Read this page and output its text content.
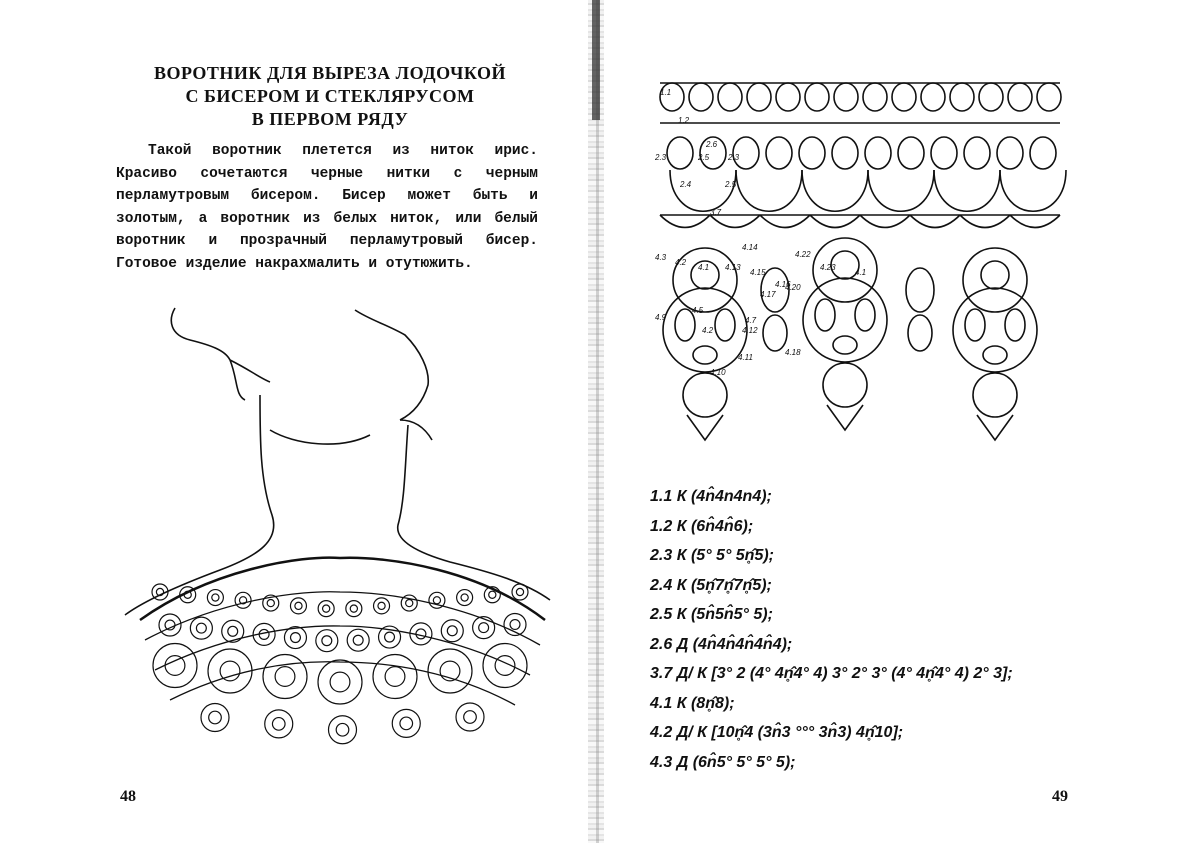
ВОРОТНИК ДЛЯ ВЫРЕЗА ЛОДОЧКОЙ
С БИСЕРОМ И СТЕКЛЯРУСОМ
В ПЕРВОМ РЯДУ

Такой воротник плетется из ниток ирис. Красиво сочетаются черные нитки с черным перламутровым бисером. Бисер может быть и золотым, а воротник из белых ниток, или белый воротник и прозрачный перламутровый бисер. Готовое изделие накрахмалить и отутюжить.

48
1.1
1.2
2.3	2.5 2.3
2.6
2.4	2.5
3.7
4.3
4.2
4.1 4.13
4.14
4.15
4.16
4.17
4.20
4.22
4.23
4.1
4.5
4.9	4.7
4.2	4.12
4.11
4.10
4.18
1.1 К (4n̂4n4n4);
1.2 К (6n̂4n̂6);
2.3 К (5° 5° 5n̥̂5);
2.4 К (5n̥̂7n̥̂7n̥̂5);
2.5 К (5n̂5n̂5° 5);
2.6 Д (4n̂4n̂4n̂4n̂4);
3.7 Д/ К [3° 2 (4° 4n̥̂4° 4) 3° 2° 3° (4° 4n̥̂4° 4) 2° 3];
4.1 К (8n̥̂8);
4.2 Д/ К [10n̥̂4 (3n̂3 °°° 3n̂3) 4n̥̂10];
4.3 Д (6n̂5° 5° 5° 5);
49
